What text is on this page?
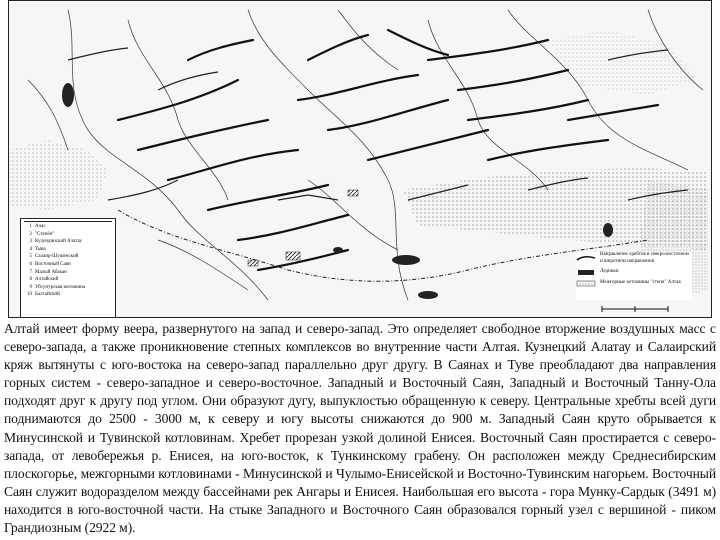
1 Алас
2 "Степён"
3 Кулундинский Алатау
4 Тыва
5 Салаир-Шушенский
6 Восточный Саян
7 Малый Абакан
8 Алтайский
9 Убсунурская котловина
10 Балтайский
Направление хребтов в северо-восточном и широтном направлении
Ледники
Межгорные котловины "степи" Алтая

Алтай имеет форму веера, развернутого на запад и северо-запад. Это определяет свободное вторжение воздушных масс с северо-запада, а также проникновение степных комплексов во внутренние части Алтая. Кузнецкий Алатау и Салаирский кряж вытянуты с юго-востока на северо-запад параллельно друг другу. В Саянах и Туве преобладают два направления горных систем - северо-западное и северо-восточное. Западный и Восточный Саян, Западный и Восточный Танну-Ола подходят друг к другу под углом. Они образуют дугу, выпуклостью обращенную к северу. Центральные хребты всей дуги поднимаются до 2500 - 3000 м, к северу и югу высоты снижаются до 900 м. Западный Саян круто обрывается к Минусинской и Тувинской котловинам. Хребет прорезан узкой долиной Енисея. Восточный Саян простирается с северо-запада, от левобережья р. Енисея, на юго-восток, к Тункинскому грабену. Он расположен между Среднесибирским плоскогорье, межгорными котловинами - Минусинской и Чулымо-Енисейской и Восточно-Тувинским нагорьем. Восточный Саян служит водоразделом между бассейнами рек Ангары и Енисея. Наибольшая его высота - гора Мунку-Сардык (3491 м) находится в юго-восточной части. На стыке Западного и Восточного Саян образовался горный узел с вершиной - пиком Грандиозным (2922 м).
